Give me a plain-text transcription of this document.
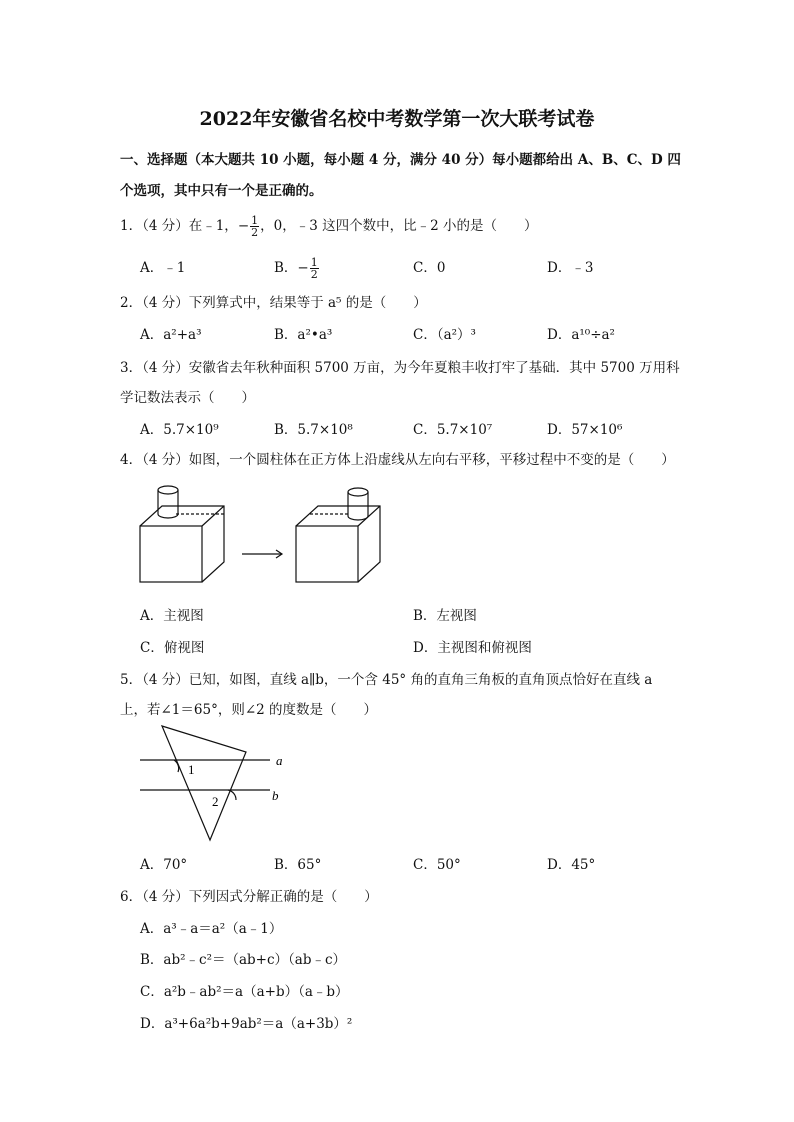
2022年安徽省名校中考数学第一次大联考试卷
一、选择题（本大题共 10 小题，每小题 4 分，满分 40 分）每小题都给出 A、B、C、D 四
个选项，其中只有一个是正确的。
1．（4 分）在﹣1，− $\frac{1}{2}$ ，0，﹣3 这四个数中，比﹣2 小的是（　　）
A．﹣1	B．− $\frac{1}{2}$	C．0	D．﹣3
2．（4 分）下列算式中，结果等于 a⁵ 的是（　　）
A．a²+a³	B．a²•a³	C．（a²）³	D．a¹⁰÷a²
3．（4 分）安徽省去年秋种面积 5700 万亩，为今年夏粮丰收打牢了基础．其中 5700 万用科
学记数法表示（　　）
A．5.7×10⁹	B．5.7×10⁸	C．5.7×10⁷	D．57×10⁶
4．（4 分）如图，一个圆柱体在正方体上沿虚线从左向右平移，平移过程中不变的是（　　）
A．主视图	B．左视图
C．俯视图	D．主视图和俯视图
5．（4 分）已知，如图，直线 a∥b，一个含 45° 角的直角三角板的直角顶点恰好在直线 a
上，若∠1＝65°，则∠2 的度数是（　　）
a
b
1
2
A．70°	B．65°	C．50°	D．45°
6．（4 分）下列因式分解正确的是（　　）
A．a³﹣a＝a²（a﹣1）
B．ab²﹣c²＝（ab+c）（ab﹣c）
C．a²b﹣ab²＝a（a+b）（a﹣b）
D．a³+6a²b+9ab²＝a（a+3b）²
